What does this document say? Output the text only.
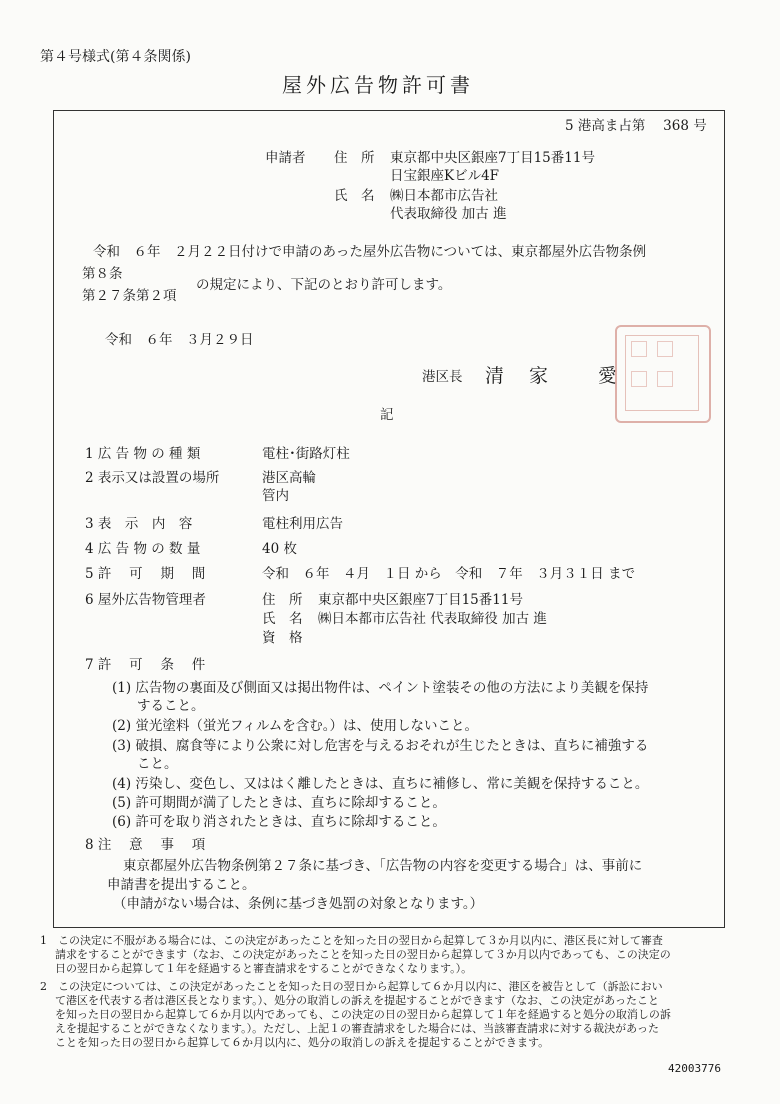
第４号様式(第４条関係)
屋外広告物許可書
5 港高ま占第　 368 号
申請者 住　所 東京都中央区銀座7丁目15番11号
日宝銀座Kビル4F
氏　名 ㈱日本都市広告社
代表取締役 加古 進
令和　６年　２月２２日付けで申請のあった屋外広告物については、東京都屋外広告物条例
第８条
第２７条第２項
の規定により、下記のとおり許可します。
令和　６年　３月２９日
港区長 清　家 愛
記
1 広 告 物 の 種 類	電柱･街路灯柱
2 表示又は設置の場所	港区高輪
管内
3 表　示　内　容	電柱利用広告
4 広 告 物 の 数 量	40 枚
5 許　 可　 期　 間	令和　６年　４月　１日 から　令和　７年　３月３１日 まで
6 屋外広告物管理者	住　所 東京都中央区銀座7丁目15番11号
氏　名 ㈱日本都市広告社 代表取締役 加古 進
資　格
7 許　 可　 条　 件
(1) 広告物の裏面及び側面又は掲出物件は、ペイント塗装その他の方法により美観を保持
すること。
(2) 蛍光塗料（蛍光フィルムを含む。）は、使用しないこと。
(3) 破損、腐食等により公衆に対し危害を与えるおそれが生じたときは、直ちに補強する
こと。
(4) 汚染し、変色し、又ははく離したときは、直ちに補修し、常に美観を保持すること。
(5) 許可期間が満了したときは、直ちに除却すること。
(6) 許可を取り消されたときは、直ちに除却すること。
8 注　 意　 事　 項
東京都屋外広告物条例第２７条に基づき、「広告物の内容を変更する場合」は、事前に
申請書を提出すること。
（申請がない場合は、条例に基づき処罰の対象となります。）
1　この決定に不服がある場合には、この決定があったことを知った日の翌日から起算して３か月以内に、港区長に対して審査
請求をすることができます（なお、この決定があったことを知った日の翌日から起算して３か月以内であっても、この決定の
日の翌日から起算して１年を経過すると審査請求をすることができなくなります。）。
2　この決定については、この決定があったことを知った日の翌日から起算して６か月以内に、港区を被告として（訴訟におい
て港区を代表する者は港区長となります。）、処分の取消しの訴えを提起することができます（なお、この決定があったこと
を知った日の翌日から起算して６か月以内であっても、この決定の日の翌日から起算して１年を経過すると処分の取消しの訴
えを提起することができなくなります。）。ただし、上記１の審査請求をした場合には、当該審査請求に対する裁決があった
ことを知った日の翌日から起算して６か月以内に、処分の取消しの訴えを提起することができます。
42003776
